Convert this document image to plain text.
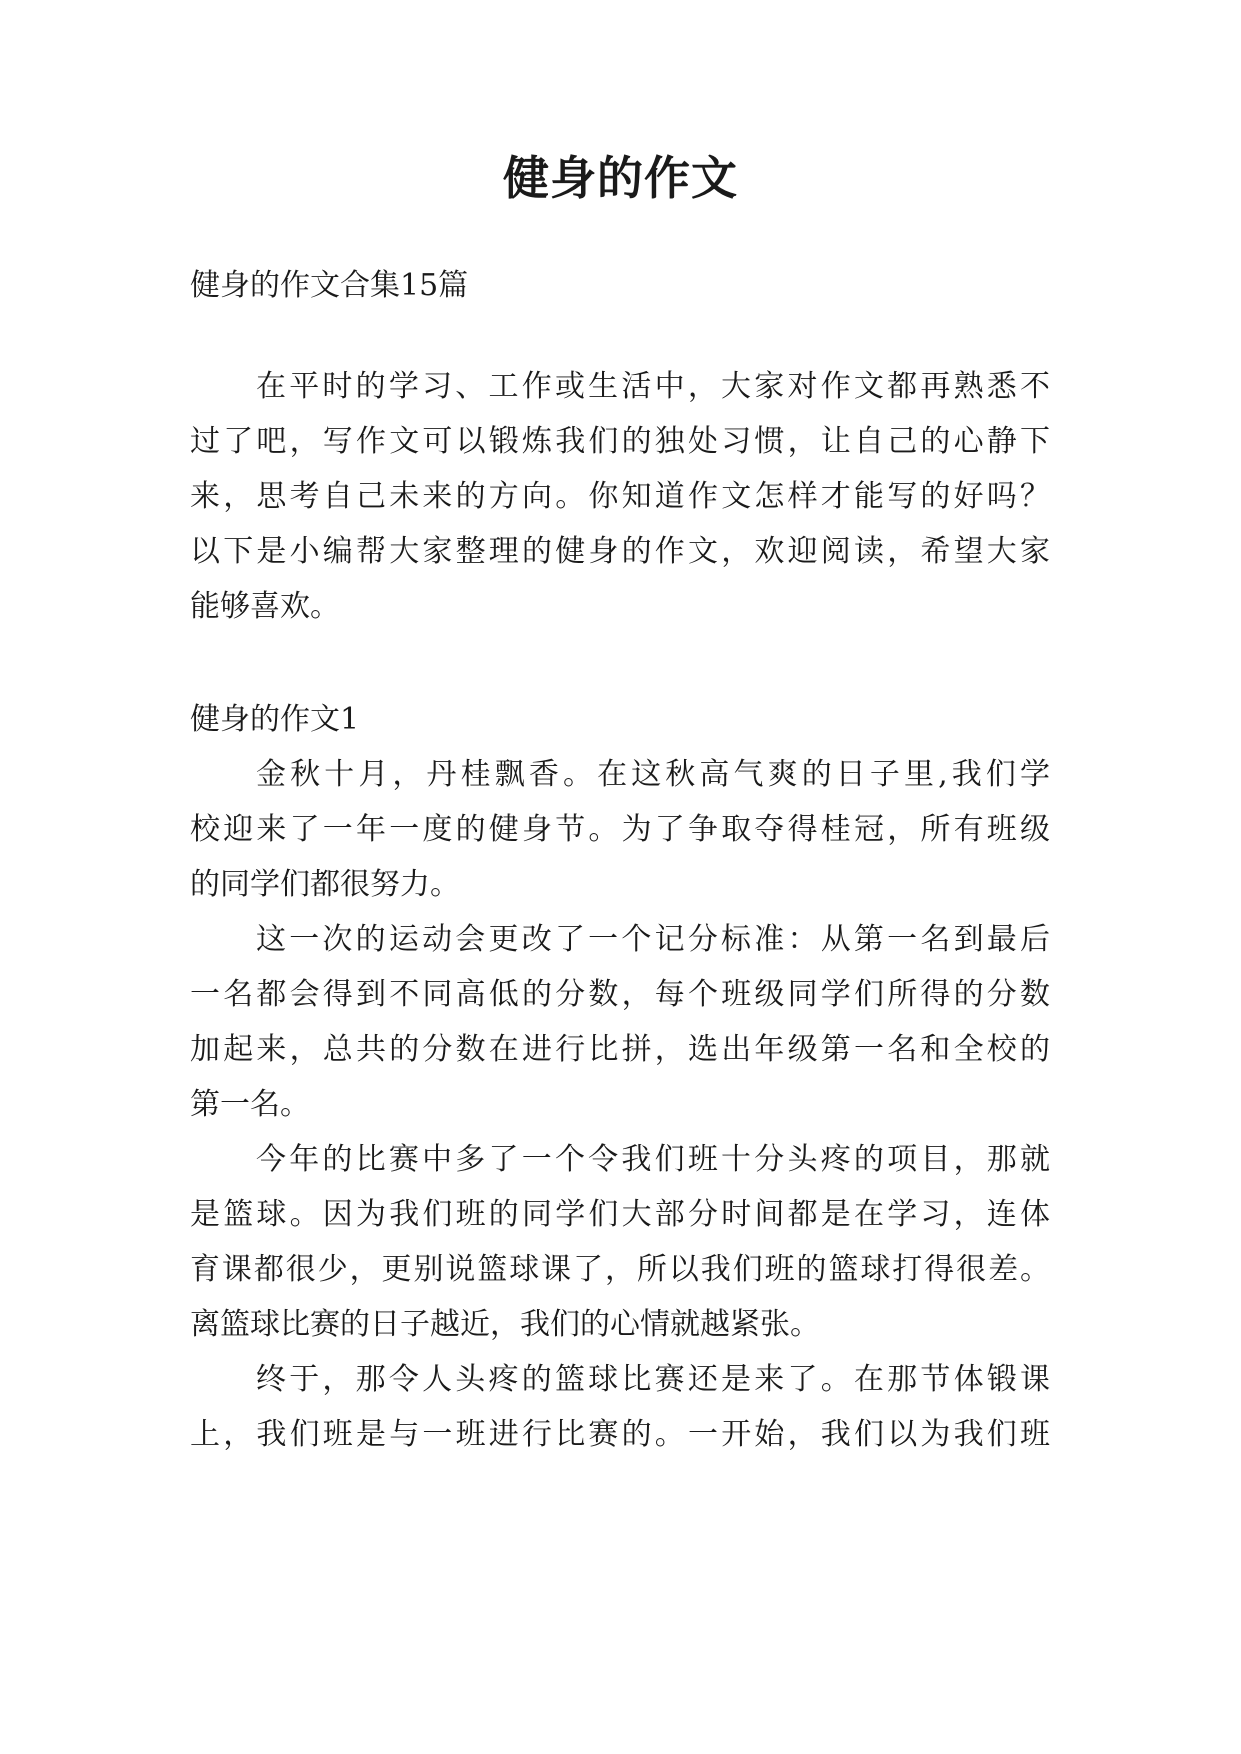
健身的作文
健身的作文合集15篇
在平时的学习、工作或生活中，大家对作文都再熟悉不
过了吧，写作文可以锻炼我们的独处习惯，让自己的心静下
来，思考自己未来的方向。你知道作文怎样才能写的好吗？
以下是小编帮大家整理的健身的作文，欢迎阅读，希望大家
能够喜欢。
健身的作文1
金秋十月，丹桂飘香。在这秋高气爽的日子里,我们学
校迎来了一年一度的健身节。为了争取夺得桂冠，所有班级
的同学们都很努力。
这一次的运动会更改了一个记分标准：从第一名到最后
一名都会得到不同高低的分数，每个班级同学们所得的分数
加起来，总共的分数在进行比拼，选出年级第一名和全校的
第一名。
今年的比赛中多了一个令我们班十分头疼的项目，那就
是篮球。因为我们班的同学们大部分时间都是在学习，连体
育课都很少，更别说篮球课了，所以我们班的篮球打得很差。
离篮球比赛的日子越近，我们的心情就越紧张。
终于，那令人头疼的篮球比赛还是来了。在那节体锻课
上，我们班是与一班进行比赛的。一开始，我们以为我们班
